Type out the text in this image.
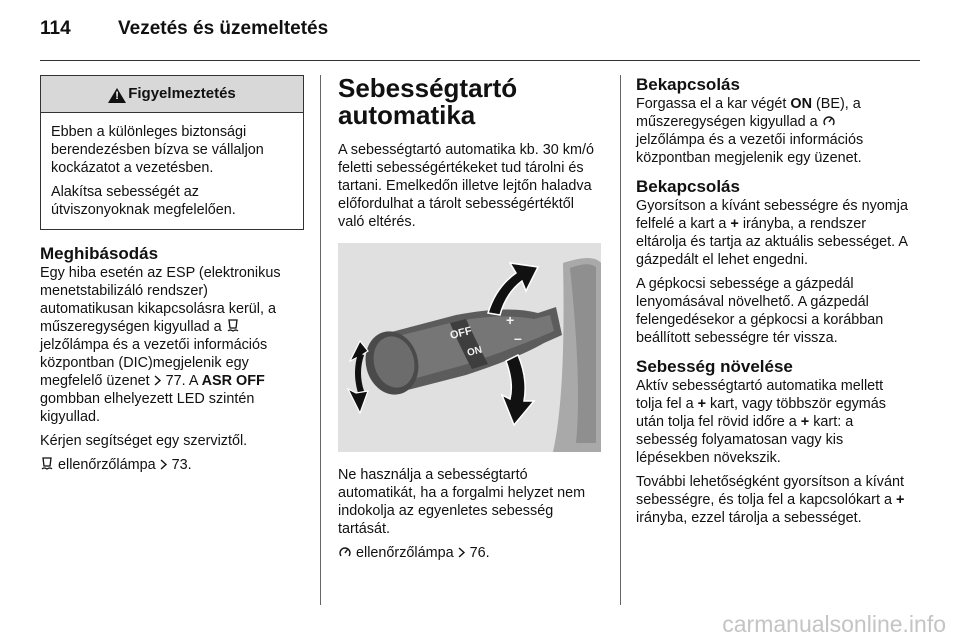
114 Vezetés és üzemeltetés
!
Figyelmeztetés

Ebben a különleges biztonsági berendezésben bízva se vállaljon kockázatot a vezetésben.

Alakítsa sebességét az útviszonyoknak megfelelően.

Meghibásodás

Egy hiba esetén az ESP (elektronikus menetstabilizáló rendszer) automatikusan kikapcsolásra kerül, a műszeregységen kigyullad a  jelzőlámpa és a vezetői információs központban (DIC)megjelenik egy megfelelő üzenet 77. A ASR OFF gombban elhelyezett LED szintén kigyullad.

Kérjen segítséget egy szerviztől.

ellenőrzőlámpa 73.

Sebességtartó automatika

A sebességtartó automatika kb. 30 km/ó feletti sebességértékeket tud tárolni és tartani. Emelkedőn illetve lejtőn haladva előfordulhat a tárolt sebességértéktől való eltérés.

OFF
ON
+
–

Ne használja a sebességtartó automatikát, ha a forgalmi helyzet nem indokolja az egyenletes sebesség tartását.

ellenőrzőlámpa 76.

Bekapcsolás

Forgassa el a kar végét ON (BE), a műszeregységen kigyullad a  jelzőlámpa és a vezetői információs központban megjelenik egy üzenet.

Bekapcsolás

Gyorsítson a kívánt sebességre és nyomja felfelé a kart a + irányba, a rendszer eltárolja és tartja az aktuális sebességet. A gázpedált el lehet engedni.

A gépkocsi sebessége a gázpedál lenyomásával növelhető. A gázpedál felengedésekor a gépkocsi a korábban beállított sebességre tér vissza.

Sebesség növelése

Aktív sebességtartó automatika mellett tolja fel a + kart, vagy többször egymás után tolja fel rövid időre a + kart: a sebesség folyamatosan vagy kis lépésekben növekszik.

További lehetőségként gyorsítson a kívánt sebességre, és tolja fel a kapcsolókart a + irányba, ezzel tárolja a sebességet.

carmanualsonline.info
